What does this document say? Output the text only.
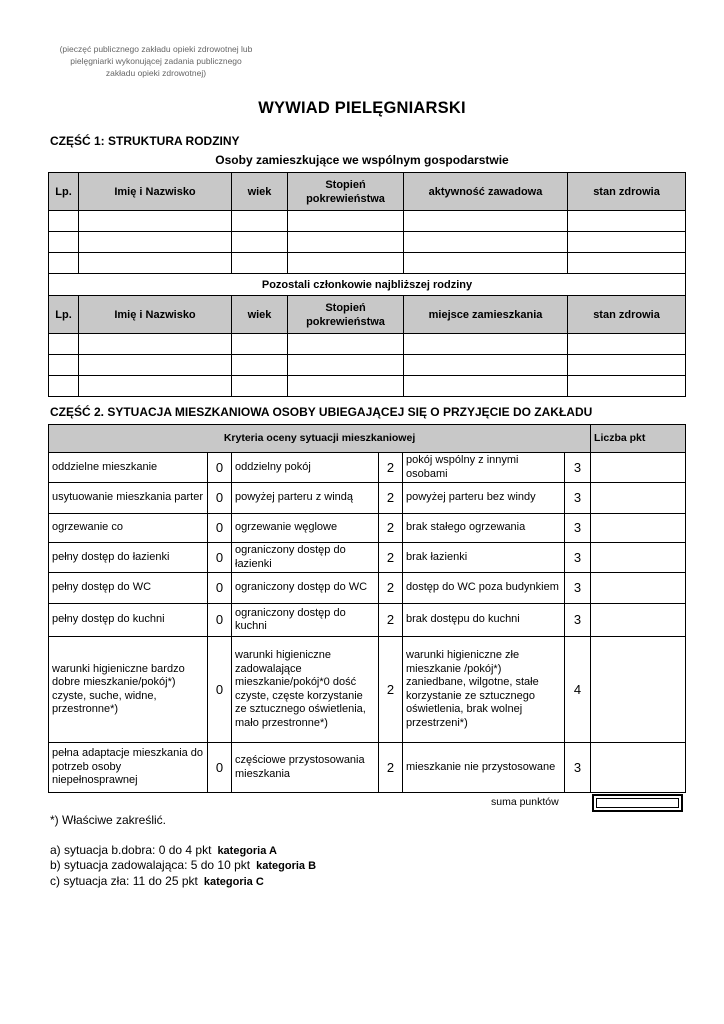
(pieczęć publicznego zakładu opieki zdrowotnej lub pielęgniarki wykonującej zadania publicznego zakładu opieki zdrowotnej)
WYWIAD PIELĘGNIARSKI
CZĘŚĆ 1: STRUKTURA RODZINY
Osoby zamieszkujące we wspólnym gospodarstwie
Lp.	Imię i Nazwisko	wiek	Stopień pokrewieństwa	aktywność zawadowa	stan zdrowia

Pozostali członkowie najbliższej rodziny					
Lp.	Imię i Nazwisko	wiek	Stopień pokrewieństwa	miejsce zamieszkania	stan zdrowia

CZĘŚĆ 2. SYTUACJA MIESZKANIOWA OSOBY UBIEGAJĄCEJ SIĘ O PRZYJĘCIE DO ZAKŁADU
Kryteria oceny sytuacji mieszkaniowej						Liczba pkt
oddzielne mieszkanie	0	oddzielny pokój	2	pokój wspólny z innymi osobami	3	
usytuowanie mieszkania parter	0	powyżej parteru z windą	2	powyżej parteru bez windy	3	
ogrzewanie co	0	ogrzewanie węglowe	2	brak stałego ogrzewania	3	
pełny dostęp do łazienki	0	ograniczony dostęp do łazienki	2	brak łazienki	3	
pełny dostęp do WC	0	ograniczony dostęp do WC	2	dostęp do WC poza budynkiem	3	
pełny dostęp do kuchni	0	ograniczony dostęp do kuchni	2	brak dostępu do kuchni	3	
warunki higieniczne bardzo dobre mieszkanie/pokój*) czyste, suche, widne, przestronne*)	0	warunki higieniczne zadowalające mieszkanie/pokój*0 dość czyste, częste korzystanie ze sztucznego oświetlenia, mało przestronne*)	2	warunki higieniczne złe mieszkanie /pokój*) zaniedbane, wilgotne, stałe korzystanie ze sztucznego oświetlenia, brak wolnej przestrzeni*)	4	
pełna adaptacje mieszkania do potrzeb osoby niepełnosprawnej	0	częściowe przystosowania mieszkania	2	mieszkanie nie przystosowane	3	
suma punktów
*) Właściwe zakreślić.
a) sytuacja b.dobra: 0 do 4 pkt kategoria A
b) sytuacja zadowalająca: 5 do 10 pkt kategoria B
c) sytuacja zła: 11 do 25 pkt kategoria C
